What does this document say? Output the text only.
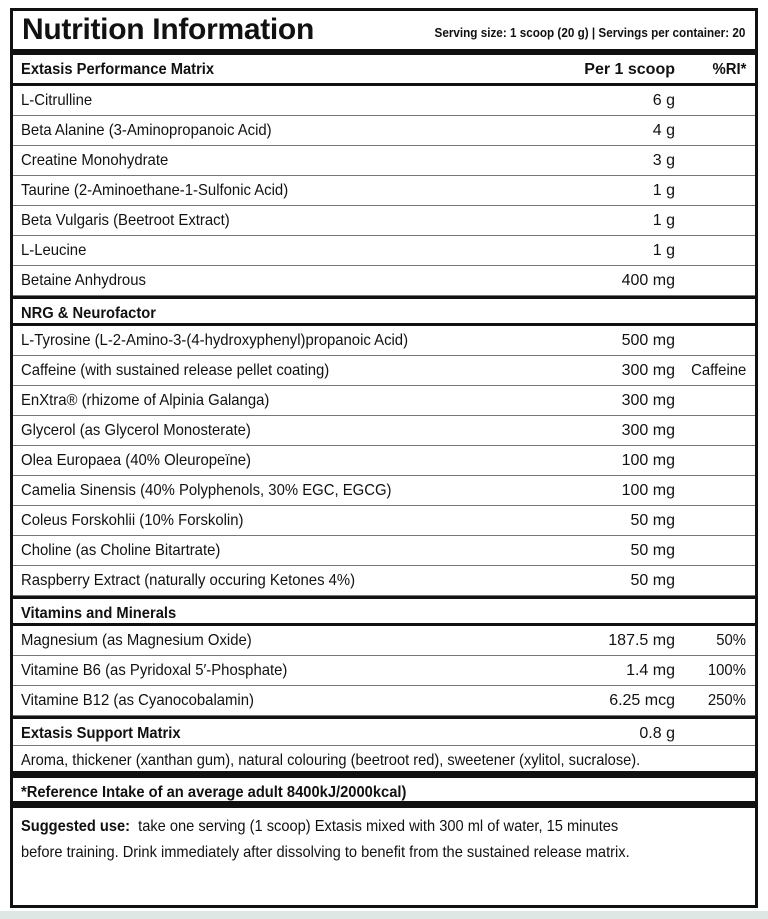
Nutrition Information	Serving size: 1 scoop (20 g) | Servings per container: 20
Extasis Performance Matrix	Per 1 scoop %RI*
L-Citrulline	6 g
Beta Alanine (3-Aminopropanoic Acid)	4 g
Creatine Monohydrate	3 g
Taurine (2-Aminoethane-1-Sulfonic Acid)	1 g
Beta Vulgaris (Beetroot Extract)	1 g
L-Leucine	1 g
Betaine Anhydrous	400 mg
NRG & Neurofactor
L-Tyrosine (L-2-Amino-3-(4-hydroxyphenyl)propanoic Acid)	500 mg
Caffeine (with sustained release pellet coating)	300 mg Caffeine
EnXtra® (rhizome of Alpinia Galanga)	300 mg
Glycerol (as Glycerol Monosterate)	300 mg
Olea Europaea (40% Oleuropeïne)	100 mg
Camelia Sinensis (40% Polyphenols, 30% EGC, EGCG)	100 mg
Coleus Forskohlii (10% Forskolin)	50 mg
Choline (as Choline Bitartrate)	50 mg
Raspberry Extract (naturally occuring Ketones 4%)	50 mg
Vitamins and Minerals
Magnesium (as Magnesium Oxide)	187.5 mg	50%
Vitamine B6 (as Pyridoxal 5′-Phosphate)	1.4 mg 100%
Vitamine B12 (as Cyanocobalamin)	6.25 mcg 250%
Extasis Support Matrix	0.8 g
Aroma, thickener (xanthan gum), natural colouring (beetroot red), sweetener (xylitol, sucralose).
*Reference Intake of an average adult 8400kJ/2000kcal)
Suggested use: take one serving (1 scoop) Extasis mixed with 300 ml of water, 15 minutes
before training. Drink immediately after dissolving to benefit from the sustained release matrix.
